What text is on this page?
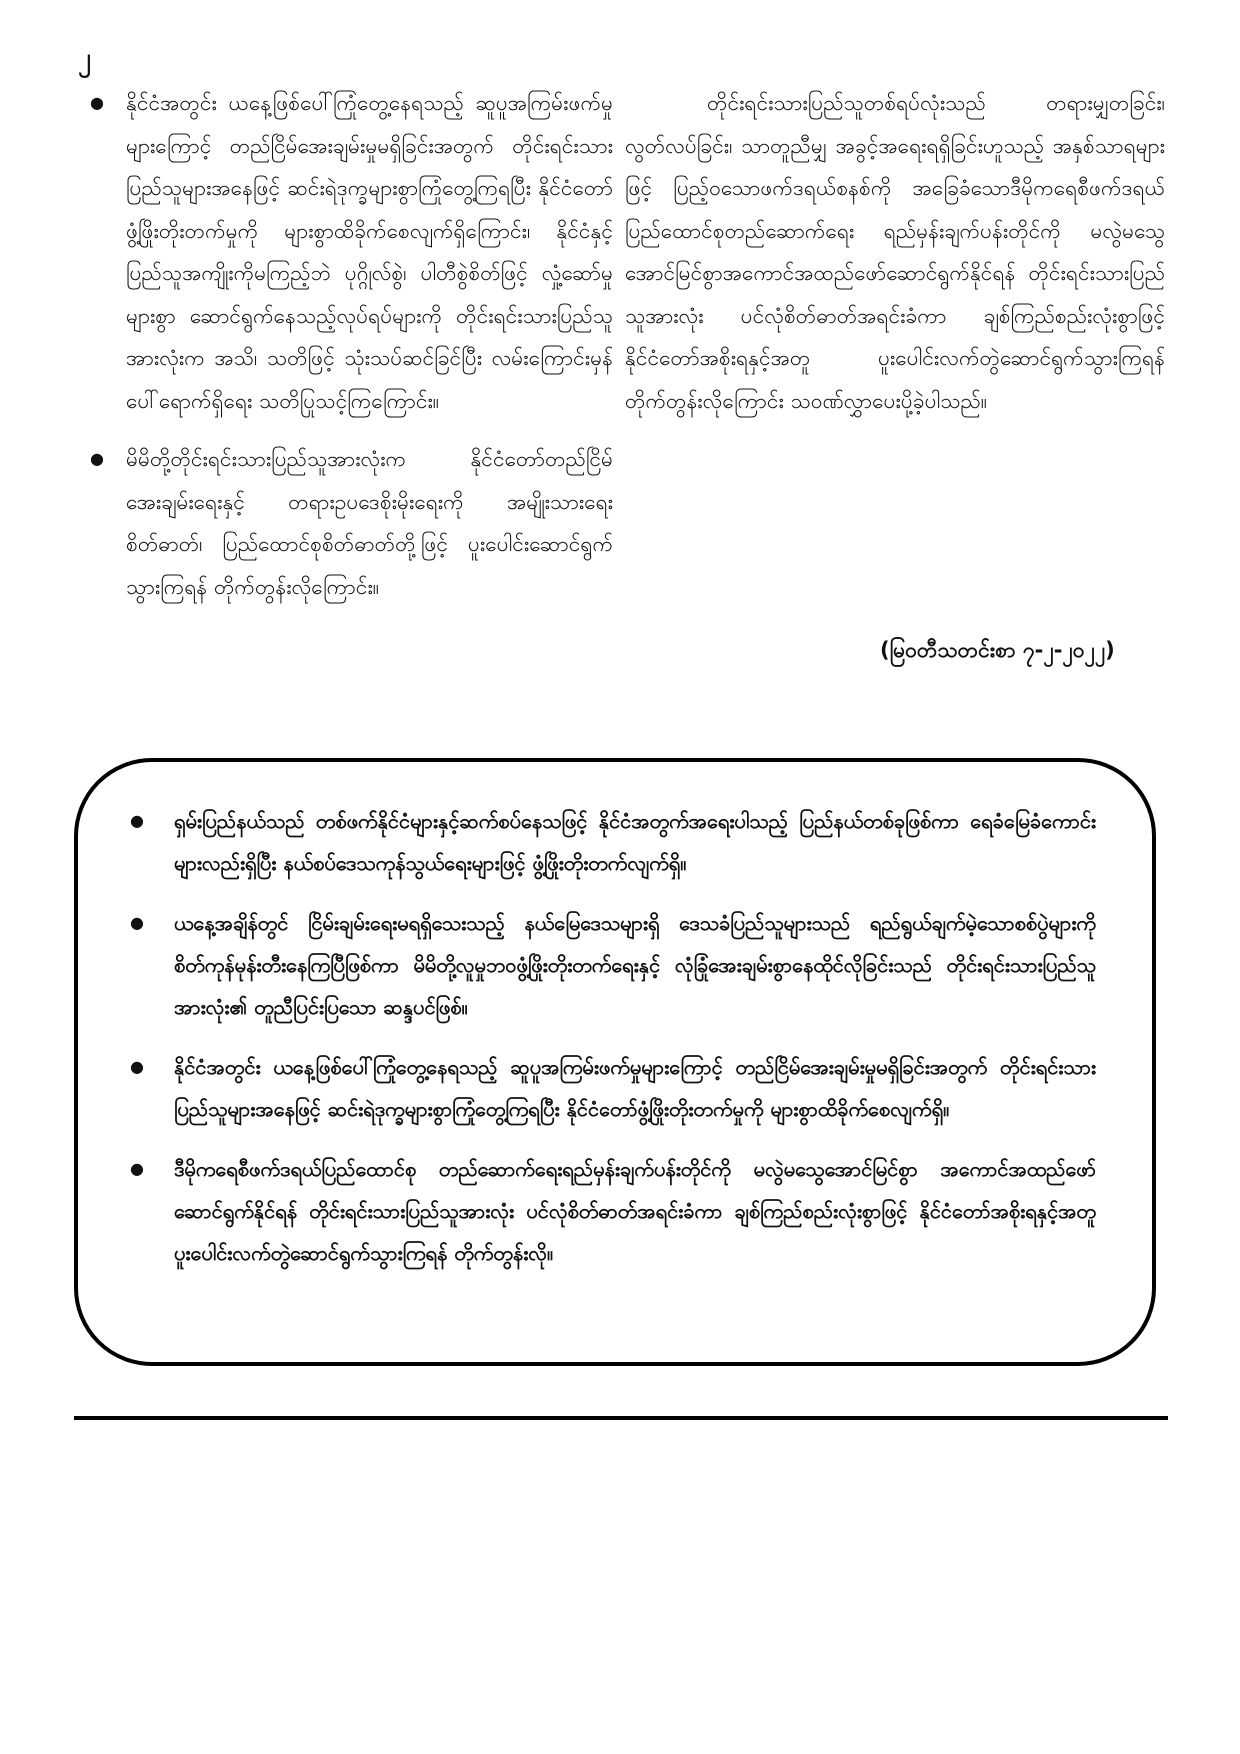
၂
● နိုင်ငံအတွင်း ယနေ့ဖြစ်ပေါ်ကြုံတွေ့နေရသည့် ဆူပူအကြမ်းဖက်မှုများကြောင့် တည်ငြိမ်အေးချမ်းမှုမရှိခြင်းအတွက် တိုင်းရင်းသားပြည်သူများအနေဖြင့် ဆင်းရဲဒုက္ခများစွာကြုံတွေ့ကြရပြီး နိုင်ငံတော်ဖွံ့ဖြိုးတိုးတက်မှုကို များစွာထိခိုက်စေလျက်ရှိကြောင်း၊ နိုင်ငံနှင့် ပြည်သူအကျိုးကိုမကြည့်ဘဲ ပုဂ္ဂိုလ်စွဲ၊ ပါတီစွဲစိတ်ဖြင့် လှုံ့ဆော်မှုများစွာ ဆောင်ရွက်နေသည့်လုပ်ရပ်များကို တိုင်းရင်းသားပြည်သူအားလုံးက အသိ၊ သတိဖြင့် သုံးသပ်ဆင်ခြင်ပြီး လမ်းကြောင်းမှန်ပေါ်ရောက်ရှိရေး သတိပြုသင့်ကြကြောင်း။
● မိမိတို့တိုင်းရင်းသားပြည်သူအားလုံးက နိုင်ငံတော်တည်ငြိမ်အေးချမ်းရေးနှင့် တရားဥပဒေစိုးမိုးရေးကို အမျိုးသားရေးစိတ်ဓာတ်၊ ပြည်ထောင်စုစိတ်ဓာတ်တို့ဖြင့် ပူးပေါင်းဆောင်ရွက်သွားကြရန် တိုက်တွန်းလိုကြောင်း။

တိုင်းရင်းသားပြည်သူတစ်ရပ်လုံးသည် တရားမျှတခြင်း၊ လွတ်လပ်ခြင်း၊ သာတူညီမျှ အခွင့်အရေးရရှိခြင်းဟူသည့် အနှစ်သာရများဖြင့် ပြည့်ဝသောဖက်ဒရယ်စနစ်ကို အခြေခံသောဒီမိုကရေစီဖက်ဒရယ်ပြည်ထောင်စုတည်ဆောက်ရေး ရည်မှန်းချက်ပန်းတိုင်ကို မလွဲမသွေအောင်မြင်စွာအကောင်အထည်ဖော်ဆောင်ရွက်နိုင်ရန် တိုင်းရင်းသားပြည်သူအားလုံး ပင်လုံစိတ်ဓာတ်အရင်းခံကာ ချစ်ကြည်စည်းလုံးစွာဖြင့် နိုင်ငံတော်အစိုးရနှင့်အတူ ပူးပေါင်းလက်တွဲဆောင်ရွက်သွားကြရန် တိုက်တွန်းလိုကြောင်း သဝဏ်လွှာပေးပို့ခဲ့ပါသည်။

(မြဝတီသတင်းစာ ၇-၂-၂၀၂၂)
● ရှမ်းပြည်နယ်သည် တစ်ဖက်နိုင်ငံများနှင့်ဆက်စပ်နေသဖြင့် နိုင်ငံအတွက်အရေးပါသည့် ပြည်နယ်တစ်ခုဖြစ်ကာ ရေခံမြေခံကောင်းများလည်းရှိပြီး နယ်စပ်ဒေသကုန်သွယ်ရေးများဖြင့် ဖွံ့ဖြိုးတိုးတက်လျက်ရှိ။
● ယနေ့အချိန်တွင် ငြိမ်းချမ်းရေးမရရှိသေးသည့် နယ်မြေဒေသများရှိ ဒေသခံပြည်သူများသည် ရည်ရွယ်ချက်မဲ့သောစစ်ပွဲများကို စိတ်ကုန်မုန်းတီးနေကြပြီဖြစ်ကာ မိမိတို့လူမှုဘဝဖွံ့ဖြိုးတိုးတက်ရေးနှင့် လုံခြုံအေးချမ်းစွာနေထိုင်လိုခြင်းသည် တိုင်းရင်းသားပြည်သူအားလုံး၏ တူညီပြင်းပြသော ဆန္ဒပင်ဖြစ်။
● နိုင်ငံအတွင်း ယနေ့ဖြစ်ပေါ်ကြုံတွေ့နေရသည့် ဆူပူအကြမ်းဖက်မှုများကြောင့် တည်ငြိမ်အေးချမ်းမှုမရှိခြင်းအတွက် တိုင်းရင်းသားပြည်သူများအနေဖြင့် ဆင်းရဲဒုက္ခများစွာကြုံတွေ့ကြရပြီး နိုင်ငံတော်ဖွံ့ဖြိုးတိုးတက်မှုကို များစွာထိခိုက်စေလျက်ရှိ။
● ဒီမိုကရေစီဖက်ဒရယ်ပြည်ထောင်စု တည်ဆောက်ရေးရည်မှန်းချက်ပန်းတိုင်ကို မလွဲမသွေအောင်မြင်စွာ အကောင်အထည်ဖော်ဆောင်ရွက်နိုင်ရန် တိုင်းရင်းသားပြည်သူအားလုံး ပင်လုံစိတ်ဓာတ်အရင်းခံကာ ချစ်ကြည်စည်းလုံးစွာဖြင့် နိုင်ငံတော်အစိုးရနှင့်အတူ ပူးပေါင်းလက်တွဲဆောင်ရွက်သွားကြရန် တိုက်တွန်းလို။
